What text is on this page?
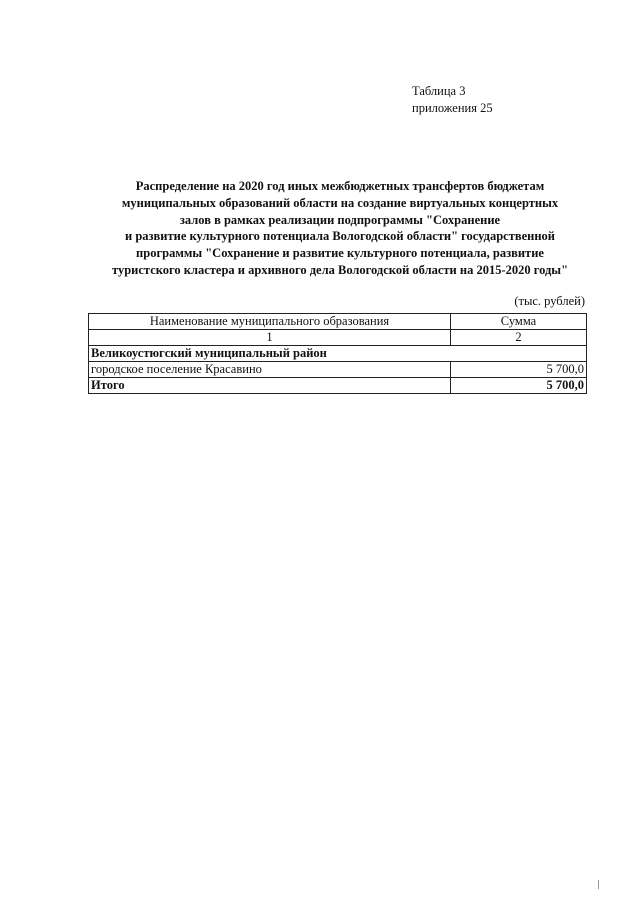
Таблица 3
приложения 25
Распределение на 2020 год иных межбюджетных трансфертов бюджетам
муниципальных образований области на создание виртуальных концертных
залов в рамках реализации подпрограммы "Сохранение
и развитие культурного потенциала Вологодской области" государственной
программы "Сохранение и развитие культурного потенциала, развитие
туристского кластера и архивного дела Вологодской области на 2015-2020 годы"
(тыс. рублей)
Наименование муниципального образования	Сумма
1	2
Великоустюгский муниципальный район	
городское поселение Красавино	5 700,0
Итого	5 700,0
